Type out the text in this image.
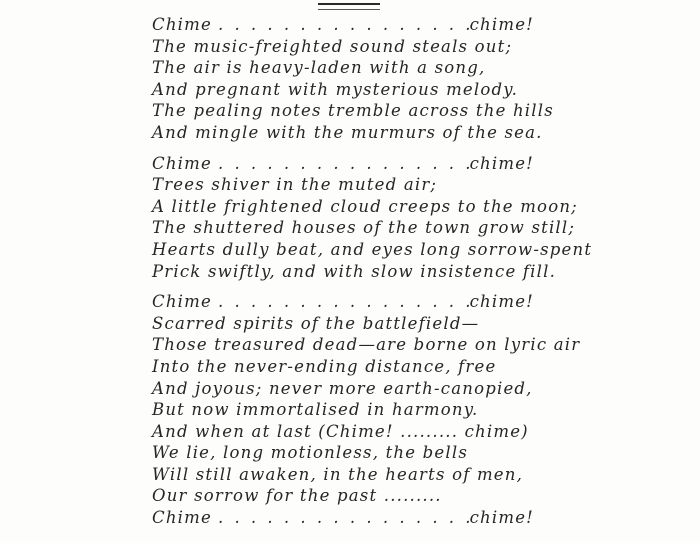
Chime . . .	chime!
The music-freighted sound steals out;
The air is heavy-laden with a song,
And pregnant with mysterious melody.
The pealing notes tremble across the hills
And mingle with the murmurs of the sea.
Chime . . .	chime!
Trees shiver in the muted air;
A little frightened cloud creeps to the moon;
The shuttered houses of the town grow still;
Hearts dully beat, and eyes long sorrow-spent
Prick swiftly, and with slow insistence fill.
Chime . . .	chime!
Scarred spirits of the battlefield—
Those treasured dead—are borne on lyric air
Into the never-ending distance, free
And joyous; never more earth-canopied,
But now immortalised in harmony.
And when at last (Chime! ......... chime)
We lie, long motionless, the bells
Will still awaken, in the hearts of men,
Our sorrow for the past .........
Chime . . .	chime!
